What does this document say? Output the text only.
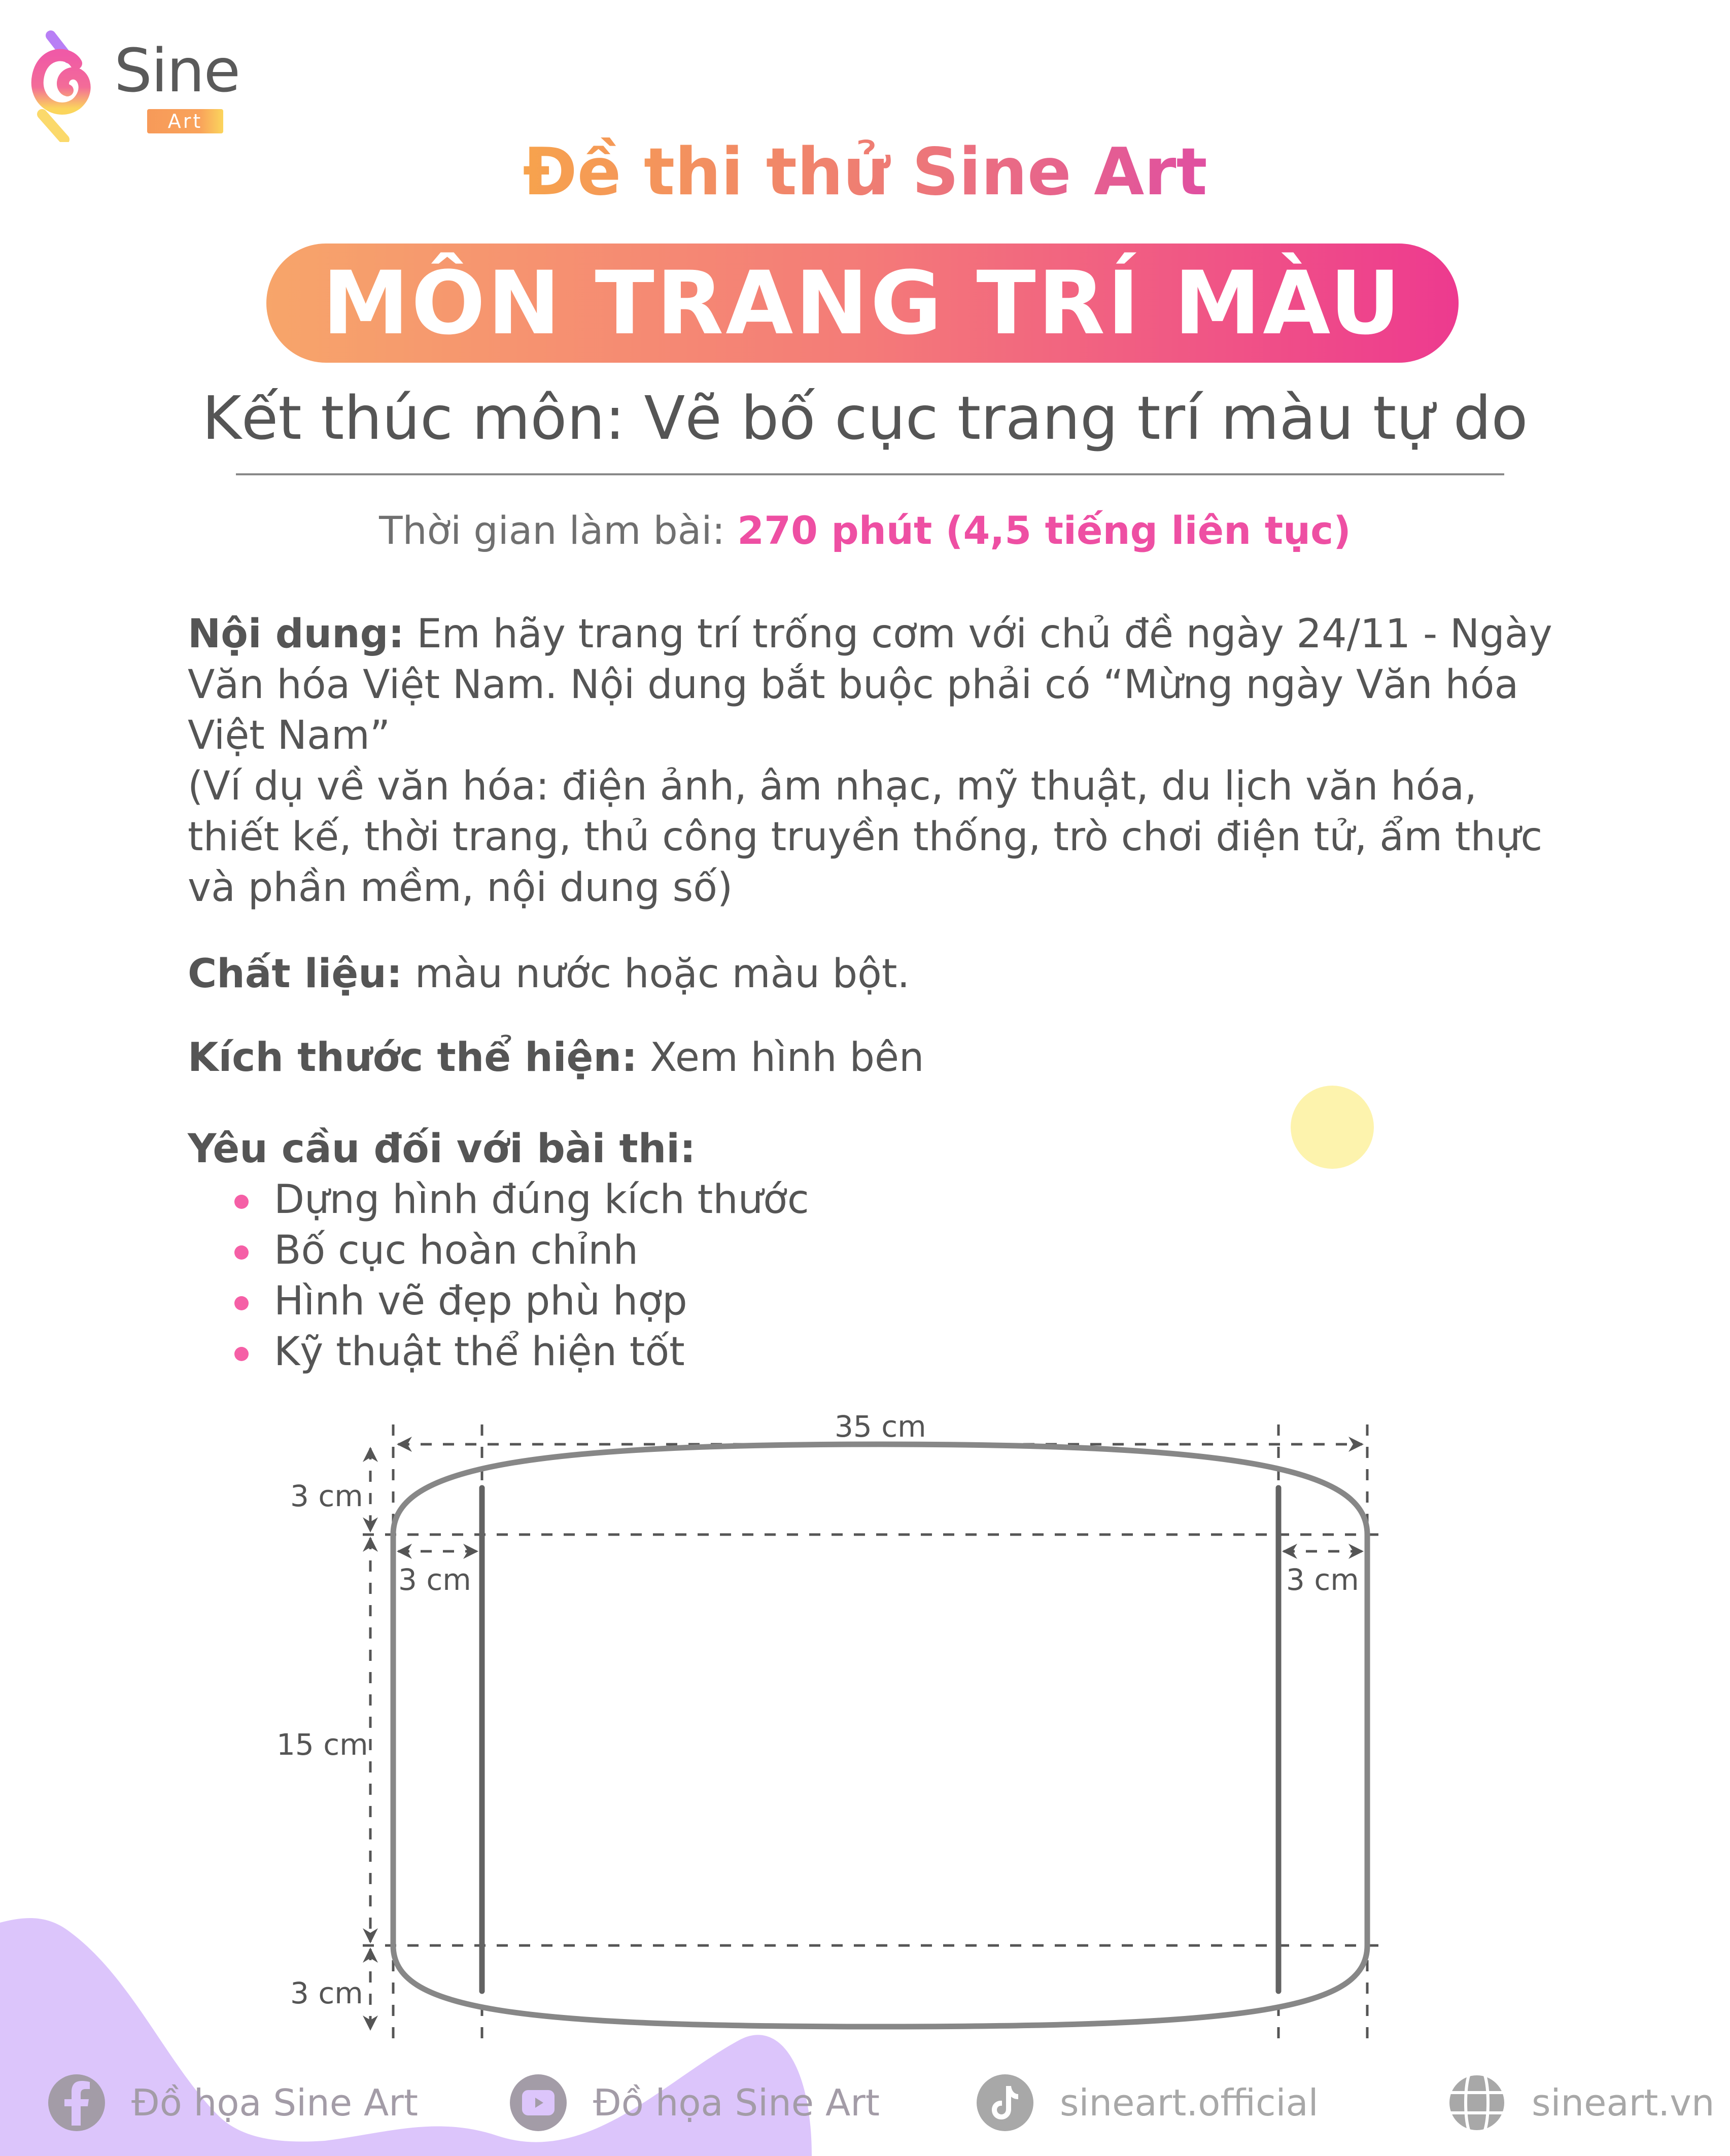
Sine
Art
Đề thi thử Sine Art
MÔN TRANG TRÍ MÀU
Kết thúc môn: Vẽ bố cục trang trí màu tự do
Thời gian làm bài: 270 phút (4,5 tiếng liên tục)
Nội dung: Em hãy trang trí trống cơm với chủ đề ngày 24/11 - Ngày Văn hóa Việt Nam. Nội dung bắt buộc phải có “Mừng ngày Văn hóa Việt Nam”
(Ví dụ về văn hóa: điện ảnh, âm nhạc, mỹ thuật, du lịch văn hóa, thiết kế, thời trang, thủ công truyền thống, trò chơi điện tử, ẩm thực và phần mềm, nội dung số)
Chất liệu: màu nước hoặc màu bột.
Kích thước thể hiện: Xem hình bên
Yêu cầu đối với bài thi:
Dựng hình đúng kích thước
Bố cục hoàn chỉnh
Hình vẽ đẹp phù hợp
Kỹ thuật thể hiện tốt
35 cm
3 cm
3 cm	3 cm
15 cm
3 cm
Đồ họa Sine Art	Đồ họa Sine Art	sineart.official	sineart.vn
